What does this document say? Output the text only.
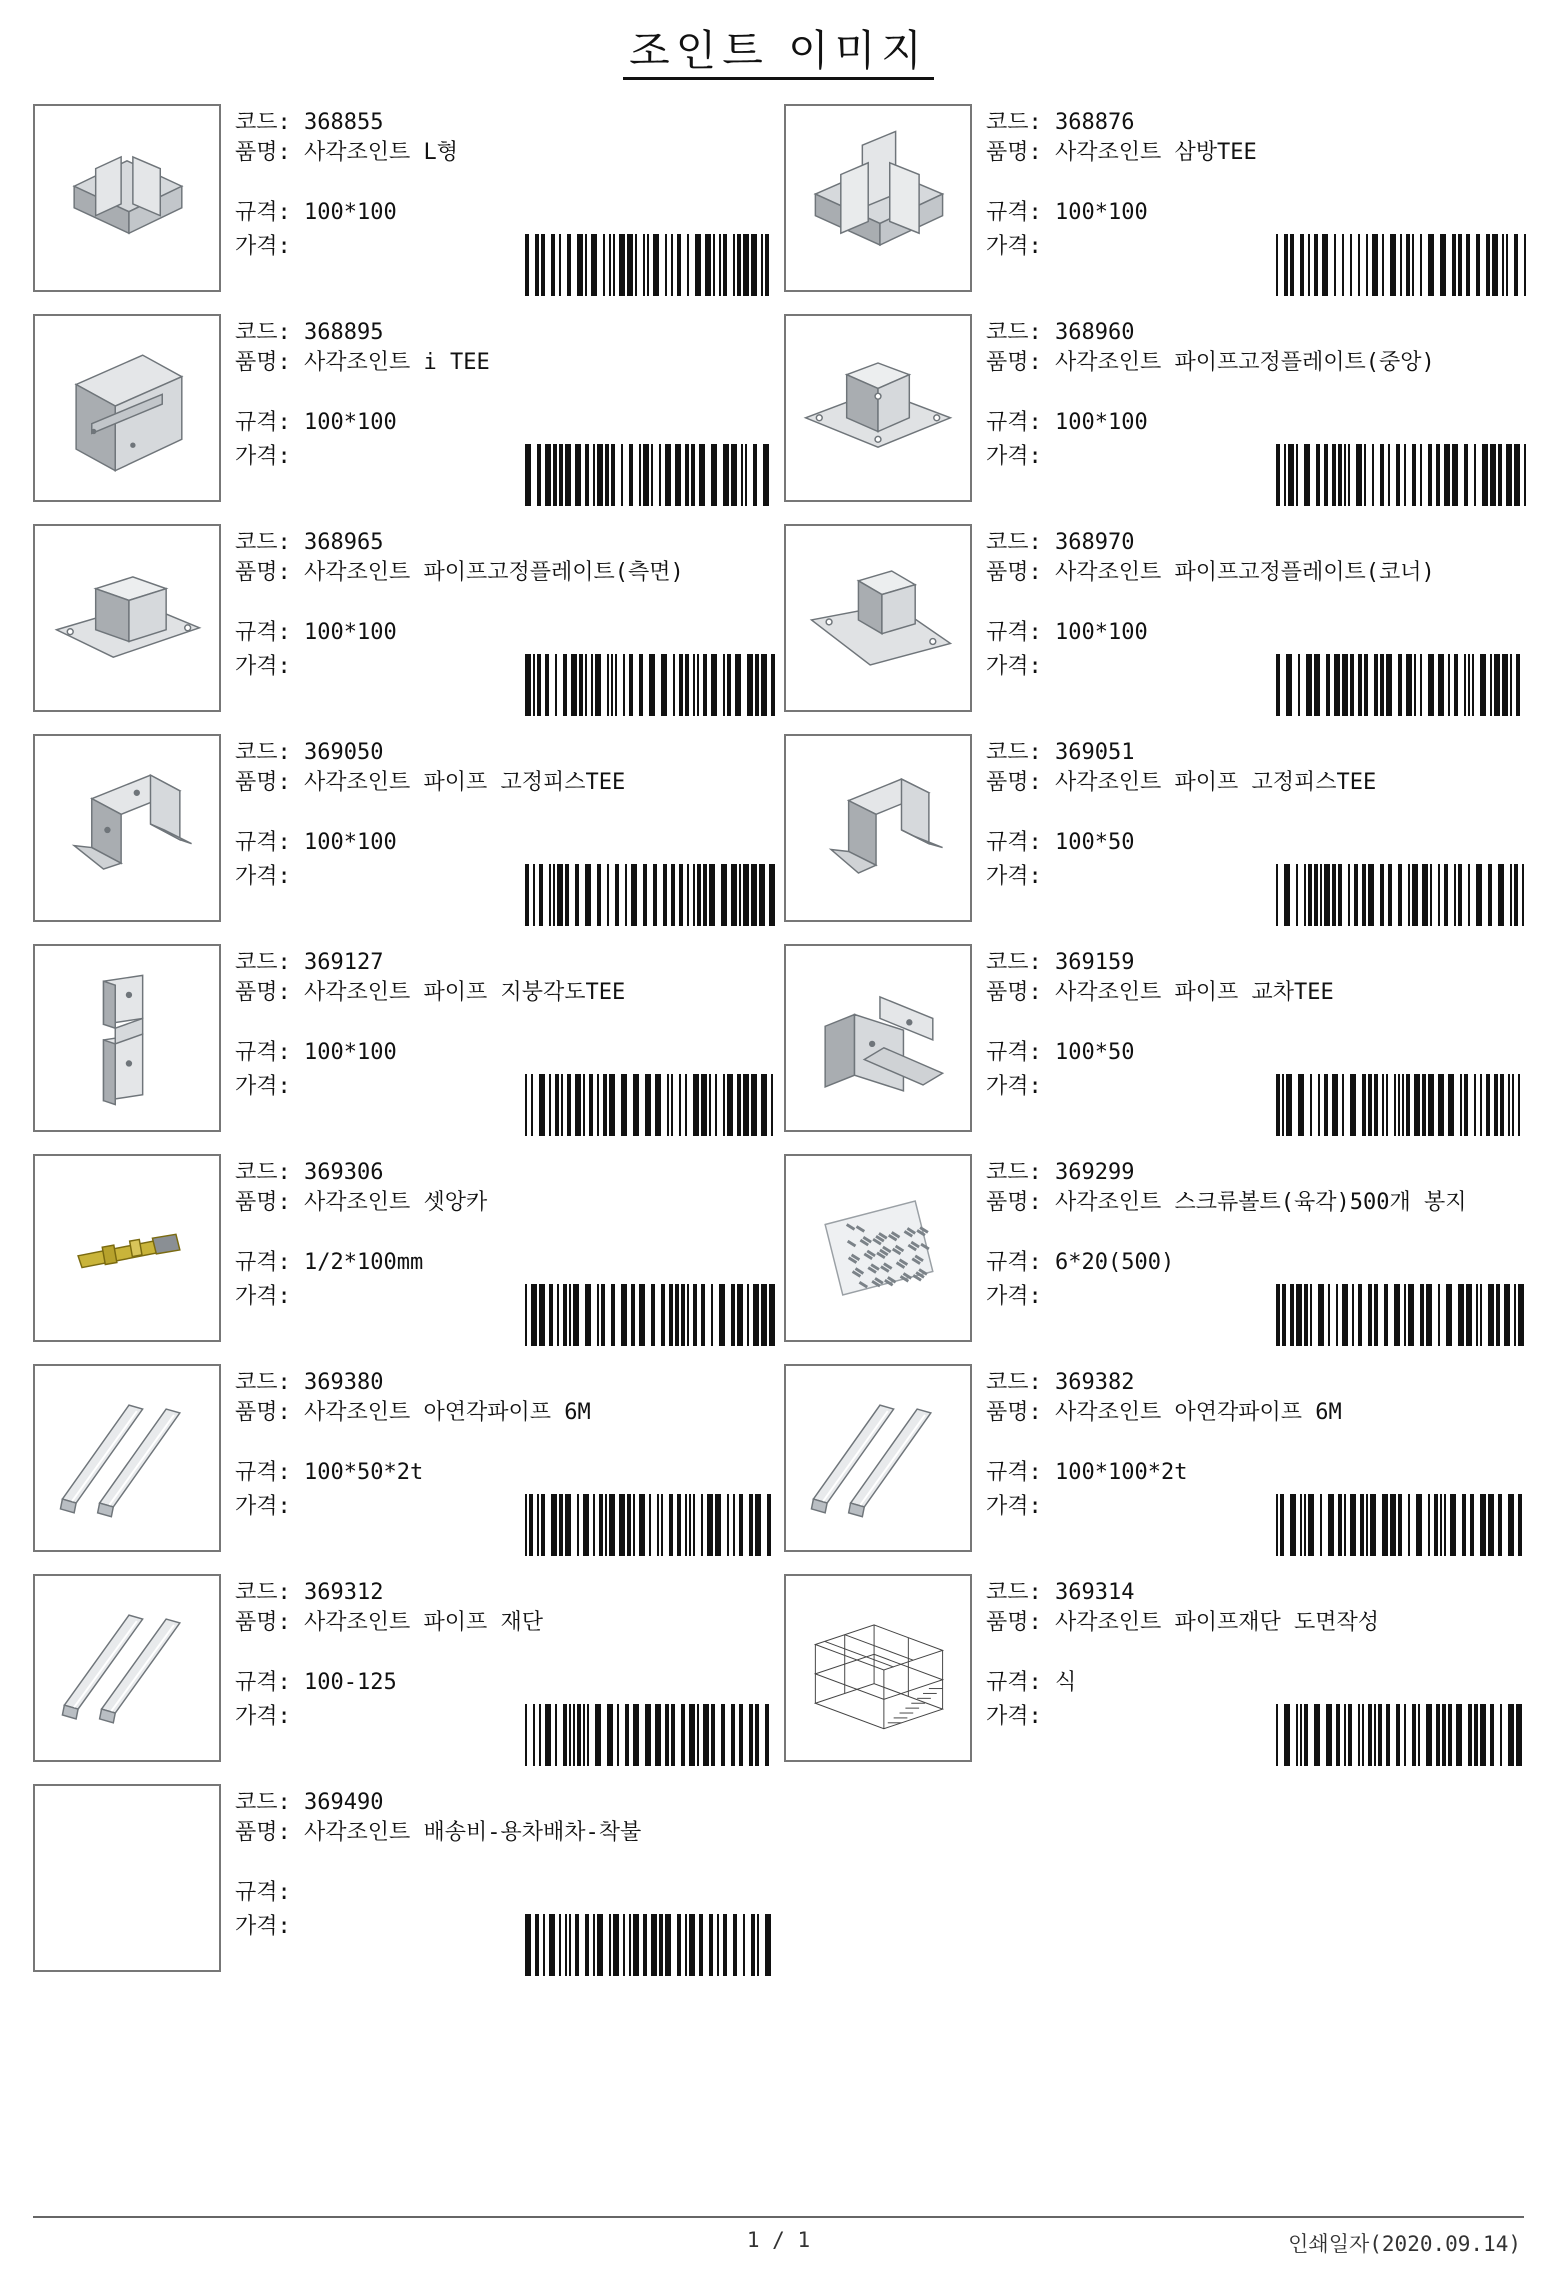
조인트 이미지
코드: 368855
품명: 사각조인트 L형
규격: 100*100
가격:
코드: 368876
품명: 사각조인트 삼방TEE
규격: 100*100
가격:
코드: 368895
품명: 사각조인트 i TEE
규격: 100*100
가격:
코드: 368960
품명: 사각조인트 파이프고정플레이트(중앙)
규격: 100*100
가격:
코드: 368965
품명: 사각조인트 파이프고정플레이트(측면)
규격: 100*100
가격:
코드: 368970
품명: 사각조인트 파이프고정플레이트(코너)
규격: 100*100
가격:
코드: 369050
품명: 사각조인트 파이프 고정피스TEE
규격: 100*100
가격:
코드: 369051
품명: 사각조인트 파이프 고정피스TEE
규격: 100*50
가격:
코드: 369127
품명: 사각조인트 파이프 지붕각도TEE
규격: 100*100
가격:
코드: 369159
품명: 사각조인트 파이프 교차TEE
규격: 100*50
가격:
코드: 369306
품명: 사각조인트 셋앙카
규격: 1/2*100mm
가격:
코드: 369299
품명: 사각조인트 스크류볼트(육각)500개 봉지
규격: 6*20(500)
가격:
코드: 369380
품명: 사각조인트 아연각파이프 6M
규격: 100*50*2t
가격:
코드: 369382
품명: 사각조인트 아연각파이프 6M
규격: 100*100*2t
가격:
코드: 369312
품명: 사각조인트 파이프 재단
규격: 100-125
가격:
코드: 369314
품명: 사각조인트 파이프재단 도면작성
규격: 식
가격:
코드: 369490
품명: 사각조인트 배송비-용차배차-착불
규격:
가격:
1 / 1	인쇄일자(2020.09.14)
